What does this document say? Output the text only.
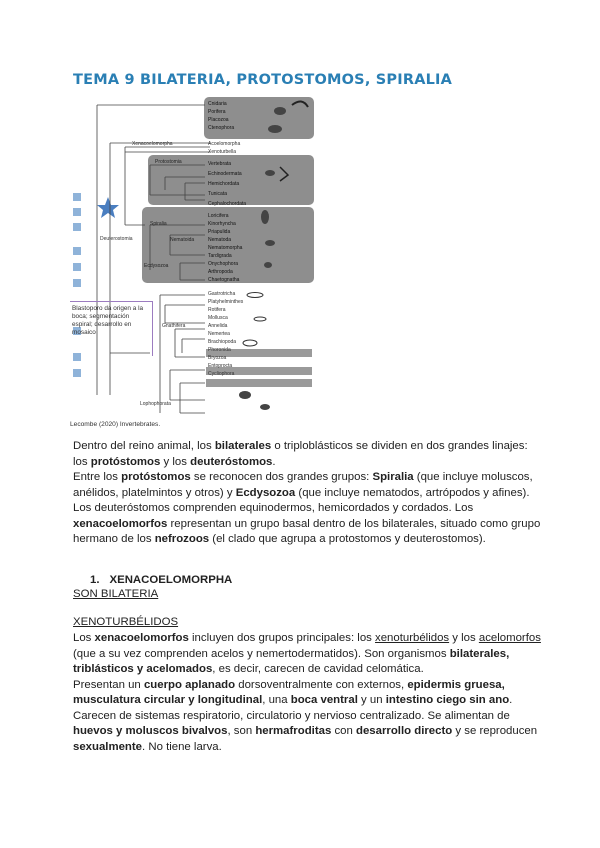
TEMA 9 BILATERIA, PROTOSTOMOS, SPIRALIA
Cnidaria
Porifera
Placozoa
Ctenophora
Acoelomorpha
Xenoturbella
Vertebrata
Echinodermata
Hemichordata
Tunicata
Cephalochordata
Loricifera
Kinorhyncha
Priapulida
Nematoda
Nematomorpha
Tardigrada
Onychophora
Arthropoda
Chaetognatha
Gastrotricha
Platyhelminthes
Rotifera
Mollusca
Annelida
Nemertea
Brachiopoda
Phoronida
Bryozoa
Entoprocta
Cycliophora
Xenacoelomorpha
Protostomia
Spiralia
Ecdysozoa
Nematoida
Gnathifera
Lophophorata
Deuterostomia
Blastoporo da origen a la boca; segmentación espiral; desarrollo en mosaico
Lecombe (2020) Invertebrates.

Dentro del reino animal, los bilaterales o triploblásticos se dividen en dos grandes linajes: los protóstomos y los deuteróstomos.
Entre los protóstomos se reconocen dos grandes grupos: Spiralia (que incluye moluscos, anélidos, platelmintos y otros) y Ecdysozoa (que incluye nematodos, artrópodos y afines).
Los deuteróstomos comprenden equinodermos, hemicordados y cordados. Los xenacoelomorfos representan un grupo basal dentro de los bilaterales, situado como grupo hermano de los nefrozoos (el clado que agrupa a protostomos y deuterostomos).

1. XENACOELOMORPHA
SON BILATERIA
XENOTURBÉLIDOS

Los xenacoelomorfos incluyen dos grupos principales: los xenoturbélidos y los acelomorfos (que a su vez comprenden acelos y nemertodermatidos). Son organismos bilaterales, triblásticos y acelomados, es decir, carecen de cavidad celomática.
Presentan un cuerpo aplanado dorsoventralmente con externos, epidermis gruesa, musculatura circular y longitudinal, una boca ventral y un intestino ciego sin ano.
Carecen de sistemas respiratorio, circulatorio y nervioso centralizado. Se alimentan de huevos y moluscos bivalvos, son hermafroditas con desarrollo directo y se reproducen sexualmente. No tiene larva.
